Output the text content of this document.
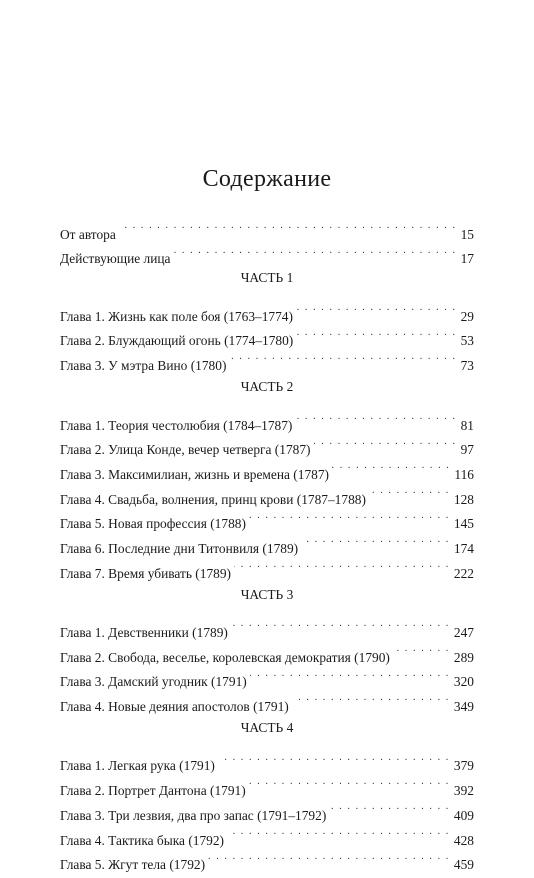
Содержание
От автора . . .	15
Действующие лица . . .	17
ЧАСТЬ 1
Глава 1. Жизнь как поле боя (1763–1774) . . .	29
Глава 2. Блуждающий огонь (1774–1780) . . .	53
Глава 3. У мэтра Вино (1780) . . .	73
ЧАСТЬ 2
Глава 1. Теория честолюбия (1784–1787) . . .	81
Глава 2. Улица Конде, вечер четверга (1787) . . .	97
Глава 3. Максимилиан, жизнь и времена (1787) . . .	116
Глава 4. Свадьба, волнения, принц крови (1787–1788) . . .	128
Глава 5. Новая профессия (1788) . . .	145
Глава 6. Последние дни Титонвиля (1789) . . .	174
Глава 7. Время убивать (1789) . . .	222
ЧАСТЬ 3
Глава 1. Девственники (1789) . . .	247
Глава 2. Свобода, веселье, королевская демократия (1790) . . .	289
Глава 3. Дамский угодник (1791) . . .	320
Глава 4. Новые деяния апостолов (1791) . . .	349
ЧАСТЬ 4
Глава 1. Легкая рука (1791) . . .	379
Глава 2. Портрет Дантона (1791) . . .	392
Глава 3. Три лезвия, два про запас (1791–1792) . . .	409
Глава 4. Тактика быка (1792) . . .	428
Глава 5. Жгут тела (1792) . . .	459
